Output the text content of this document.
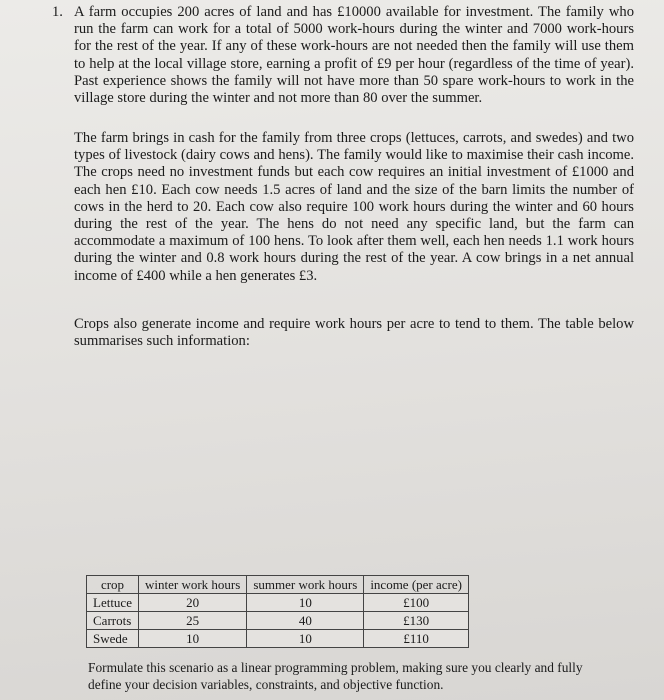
1. A farm occupies 200 acres of land and has £10000 available for investment. The family who run the farm can work for a total of 5000 work-hours during the winter and 7000 work-hours for the rest of the year. If any of these work-hours are not needed then the family will use them to help at the local village store, earning a profit of £9 per hour (regardless of the time of year). Past experience shows the family will not have more than 50 spare work-hours to work in the village store during the winter and not more than 80 over the summer.

The farm brings in cash for the family from three crops (lettuces, carrots, and swedes) and two types of livestock (dairy cows and hens). The family would like to maximise their cash income. The crops need no investment funds but each cow requires an initial investment of £1000 and each hen £10. Each cow needs 1.5 acres of land and the size of the barn limits the number of cows in the herd to 20. Each cow also require 100 work hours during the winter and 60 hours during the rest of the year. The hens do not need any specific land, but the farm can accommodate a maximum of 100 hens. To look after them well, each hen needs 1.1 work hours during the winter and 0.8 work hours during the rest of the year. A cow brings in a net annual income of £400 while a hen generates £3.

Crops also generate income and require work hours per acre to tend to them. The table below summarises such information:

crop	winter work hours	summer work hours	income (per acre)
Lettuce	20	10	£100
Carrots	25	40	£130
Swede	10	10	£110

Formulate this scenario as a linear programming problem, making sure you clearly and fully define your decision variables, constraints, and objective function.
